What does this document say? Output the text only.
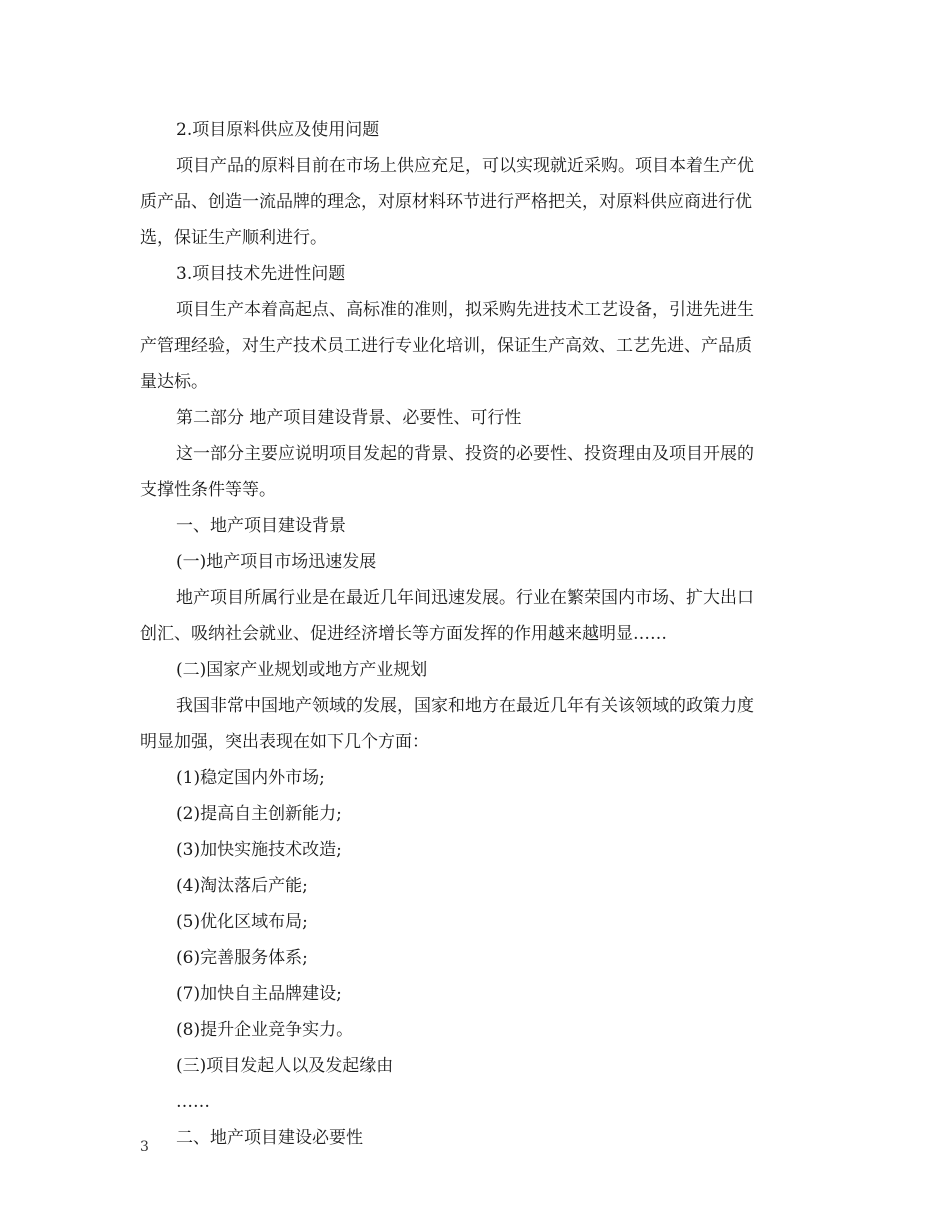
2.项目原料供应及使用问题
项目产品的原料目前在市场上供应充足，可以实现就近采购。项目本着生产优
质产品、创造一流品牌的理念，对原材料环节进行严格把关，对原料供应商进行优
选，保证生产顺利进行。
3.项目技术先进性问题
项目生产本着高起点、高标准的准则，拟采购先进技术工艺设备，引进先进生
产管理经验，对生产技术员工进行专业化培训，保证生产高效、工艺先进、产品质
量达标。
第二部分 地产项目建设背景、必要性、可行性
这一部分主要应说明项目发起的背景、投资的必要性、投资理由及项目开展的
支撑性条件等等。
一、地产项目建设背景
(一)地产项目市场迅速发展
地产项目所属行业是在最近几年间迅速发展。行业在繁荣国内市场、扩大出口
创汇、吸纳社会就业、促进经济增长等方面发挥的作用越来越明显……
(二)国家产业规划或地方产业规划
我国非常中国地产领域的发展，国家和地方在最近几年有关该领域的政策力度
明显加强，突出表现在如下几个方面：
(1)稳定国内外市场;
(2)提高自主创新能力;
(3)加快实施技术改造;
(4)淘汰落后产能;
(5)优化区域布局;
(6)完善服务体系;
(7)加快自主品牌建设;
(8)提升企业竞争实力。
(三)项目发起人以及发起缘由
……
二、地产项目建设必要性
3
